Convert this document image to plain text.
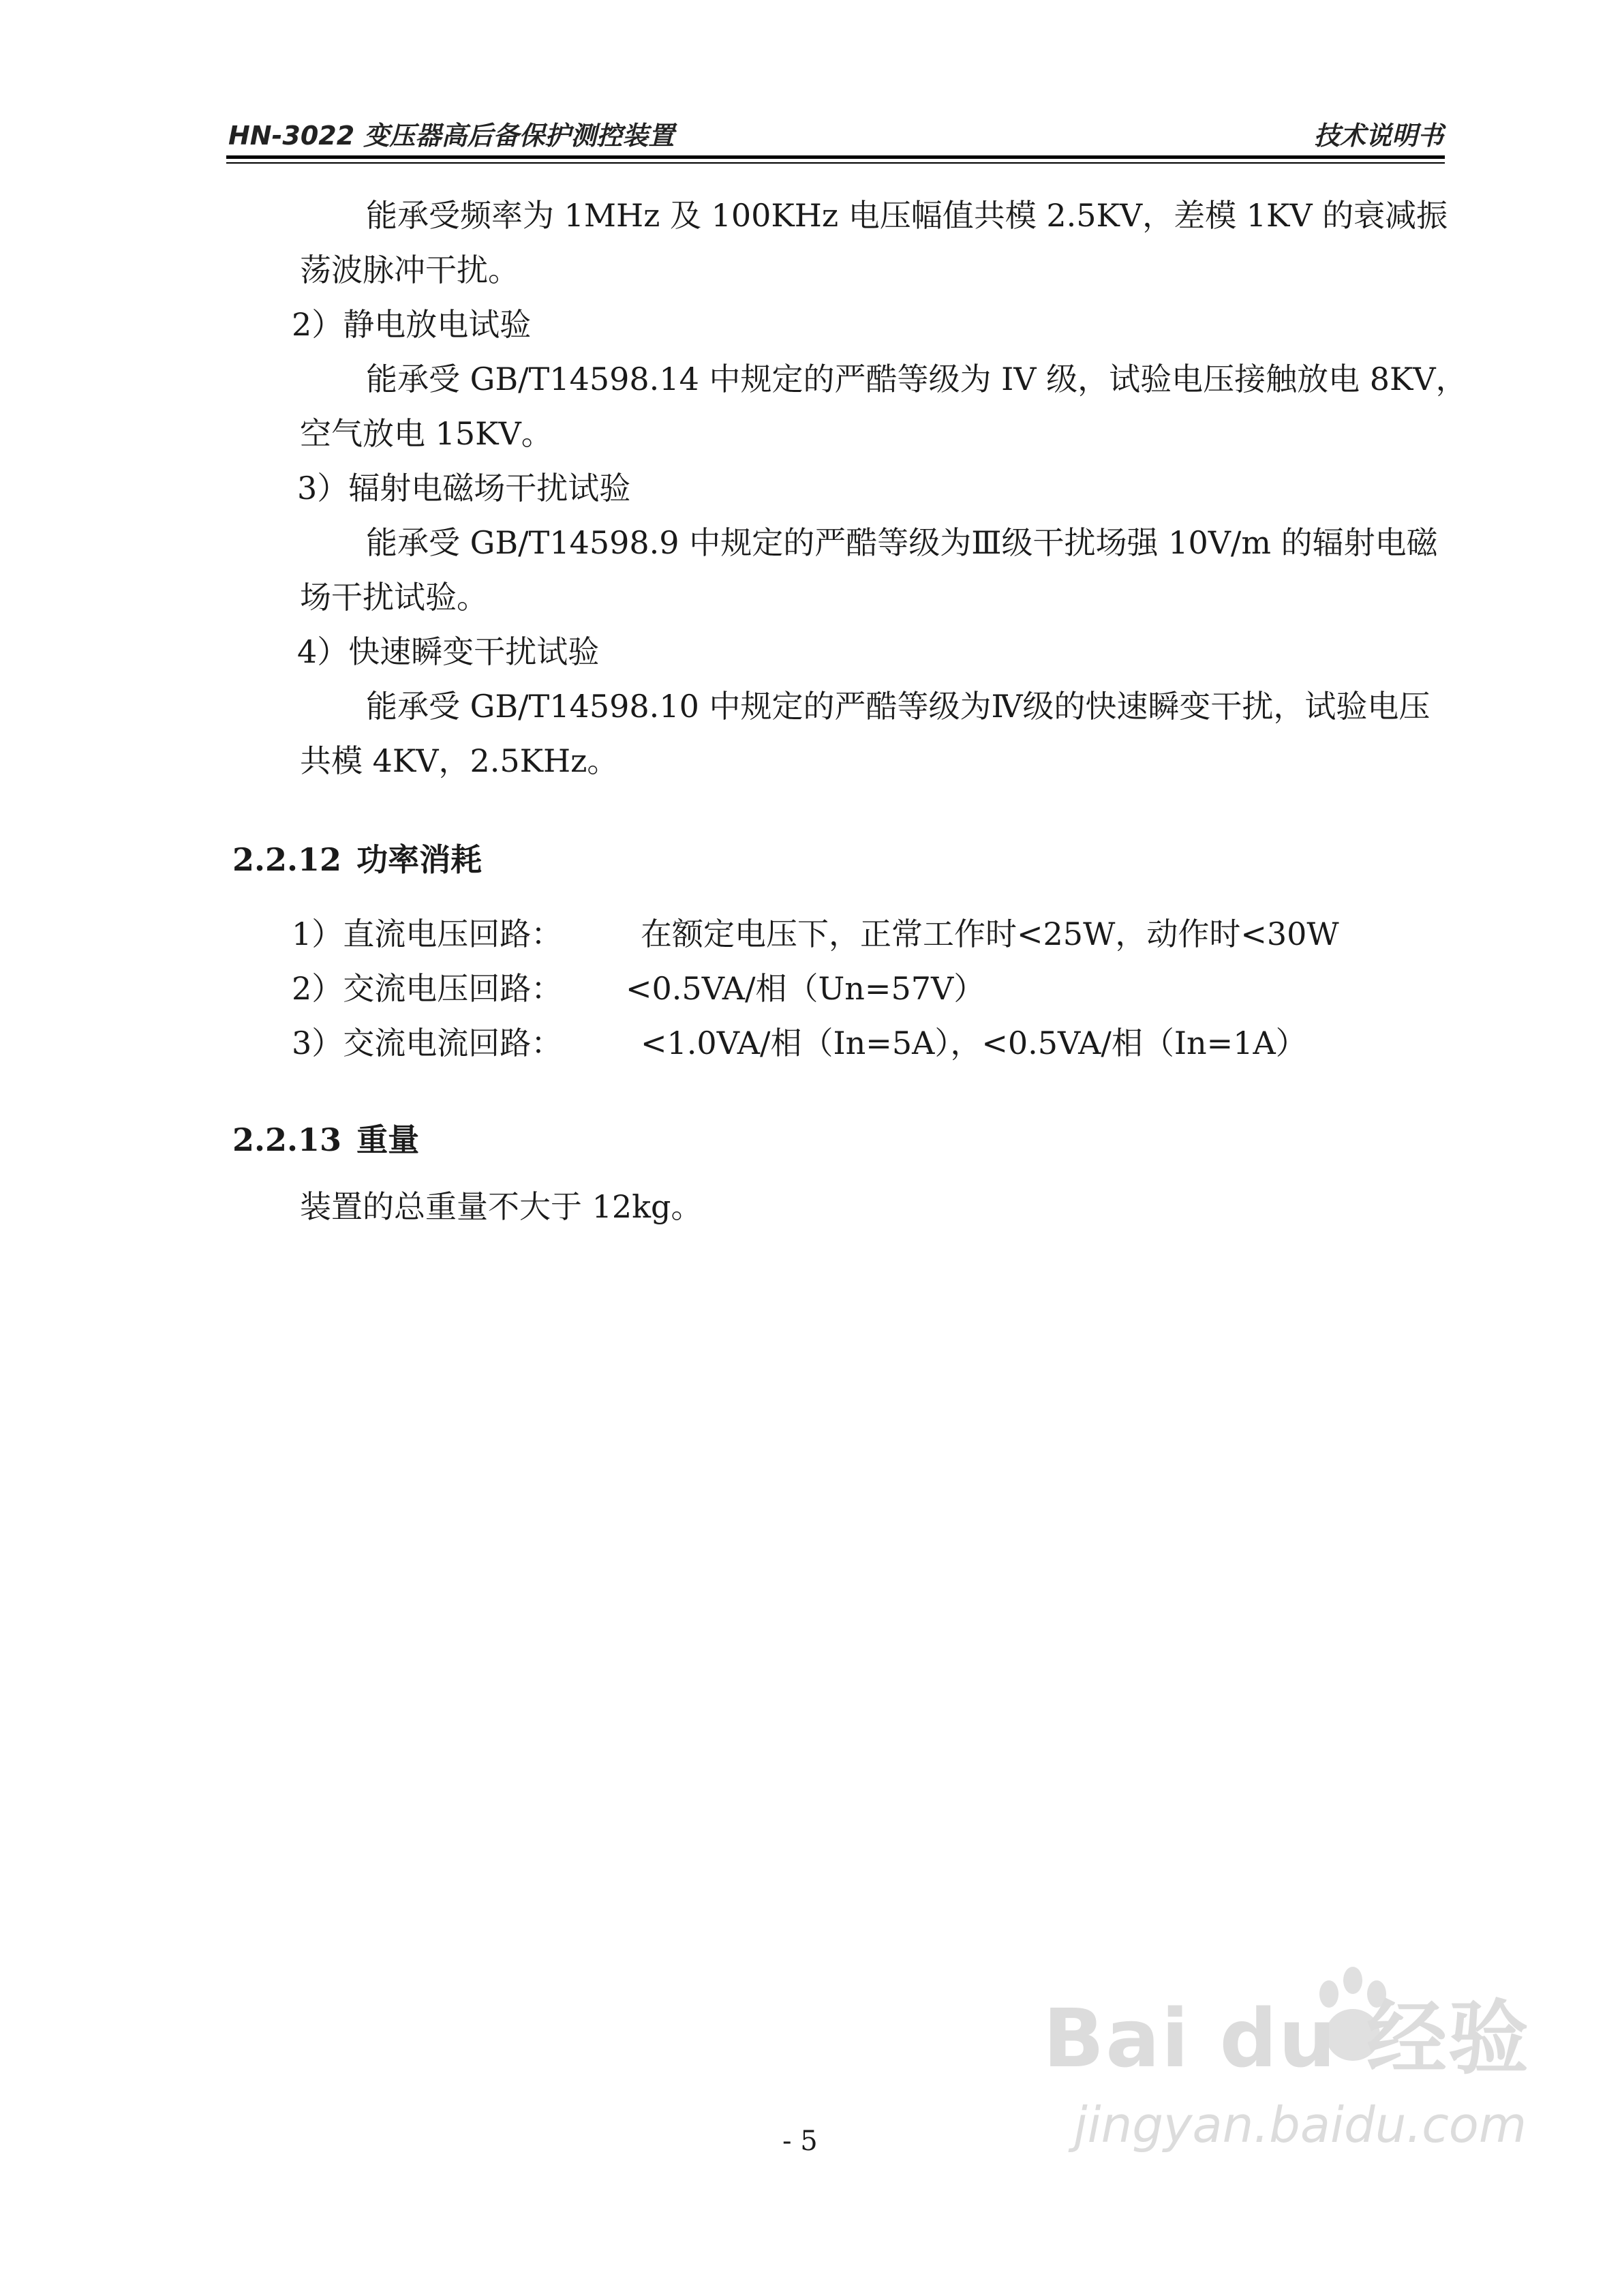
HN-3022 变压器高后备保护测控装置	技术说明书
能承受频率为 1MHz 及 100KHz 电压幅值共模 2.5KV，差模 1KV 的衰减振
荡波脉冲干扰。
2）静电放电试验
能承受 GB/T14598.14 中规定的严酷等级为 IV 级，试验电压接触放电 8KV，
空气放电 15KV。
3）辐射电磁场干扰试验
能承受 GB/T14598.9 中规定的严酷等级为Ⅲ级干扰场强 10V/m 的辐射电磁
场干扰试验。
4）快速瞬变干扰试验
能承受 GB/T14598.10 中规定的严酷等级为Ⅳ级的快速瞬变干扰，试验电压
共模 4KV，2.5KHz。
2.2.12 功率消耗
1）直流电压回路： 在额定电压下，正常工作时<25W，动作时<30W
2）交流电压回路： <0.5VA/相（Un=57V）
3）交流电流回路： <1.0VA/相（In=5A），<0.5VA/相（In=1A）
2.2.13 重量
装置的总重量不大于 12kg。
- 5
Bai du 经验
jingyan.baidu.com
